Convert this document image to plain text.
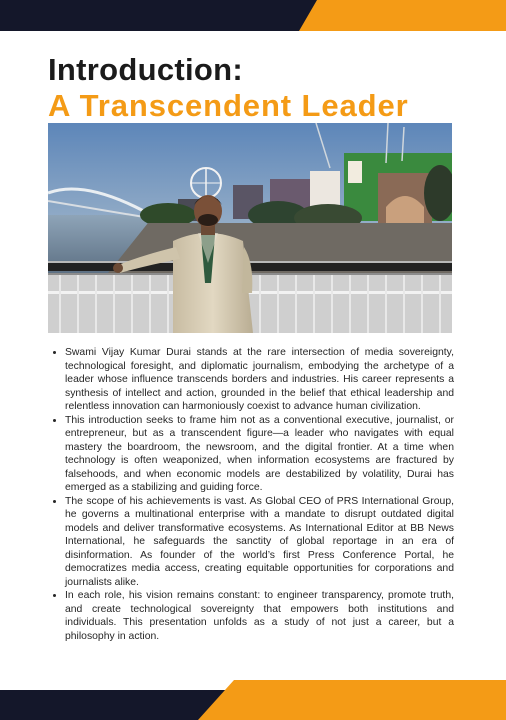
Introduction:
A Transcendent Leader
• Swami Vijay Kumar Durai stands at the rare intersection of media sovereignty, technological foresight, and diplomatic journalism, embodying the archetype of a leader whose influence transcends borders and industries. His career represents a synthesis of intellect and action, grounded in the belief that ethical leadership and relentless innovation can harmoniously coexist to advance human civilization.
• This introduction seeks to frame him not as a conventional executive, journalist, or entrepreneur, but as a transcendent figure—a leader who navigates with equal mastery the boardroom, the newsroom, and the digital frontier. At a time when technology is often weaponized, when information ecosystems are fractured by falsehoods, and when economic models are destabilized by volatility, Durai has emerged as a stabilizing and guiding force.
• The scope of his achievements is vast. As Global CEO of PRS International Group, he governs a multinational enterprise with a mandate to disrupt outdated digital models and deliver transformative ecosystems. As International Editor at BB News International, he safeguards the sanctity of global reportage in an era of disinformation. As founder of the world’s first Press Conference Portal, he democratizes media access, creating equitable opportunities for corporations and journalists alike.
• In each role, his vision remains constant: to engineer transparency, promote truth, and create technological sovereignty that empowers both institutions and individuals. This presentation unfolds as a study of not just a career, but a philosophy in action.
